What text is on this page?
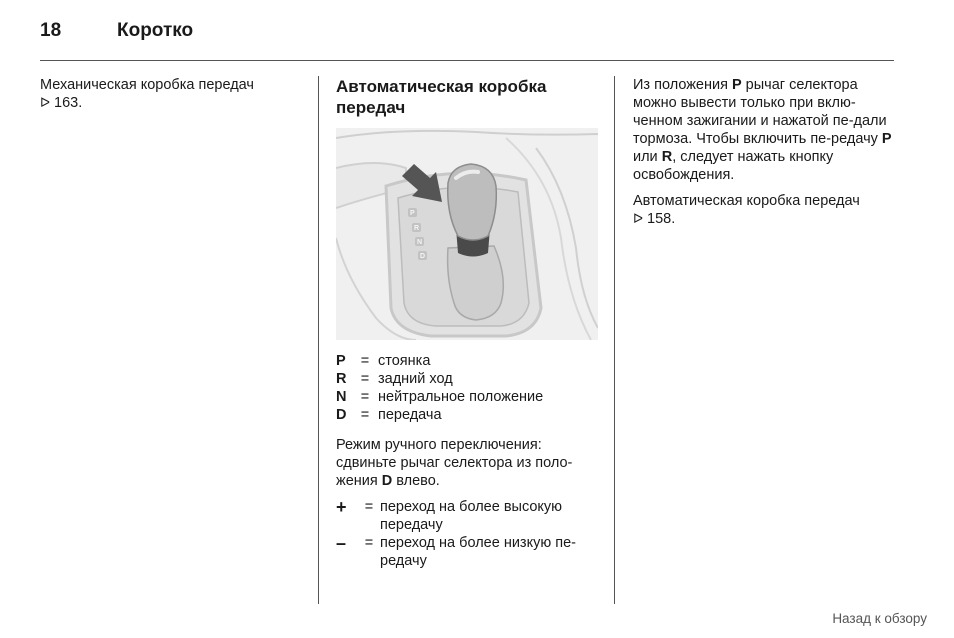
18	Коротко

Механическая коробка передач
ᐅ 163.

Автоматическая коробка
передач
P
R
N
D
P	= стоянка
R = задний ход
N = нейтральное положение
D = передача

Режим ручного переключения: сдвиньте рычаг селектора из поло-жения D влево.

+	= переход на более высокую передачу
–	= переход на более низкую пе-редачу

Из положения P рычаг селектора можно вывести только при вклю-ченном зажигании и нажатой пе-дали тормоза. Чтобы включить пе-редачу P или R, следует нажать кнопку освобождения.

Автоматическая коробка передач
ᐅ 158.

Назад к обзору
